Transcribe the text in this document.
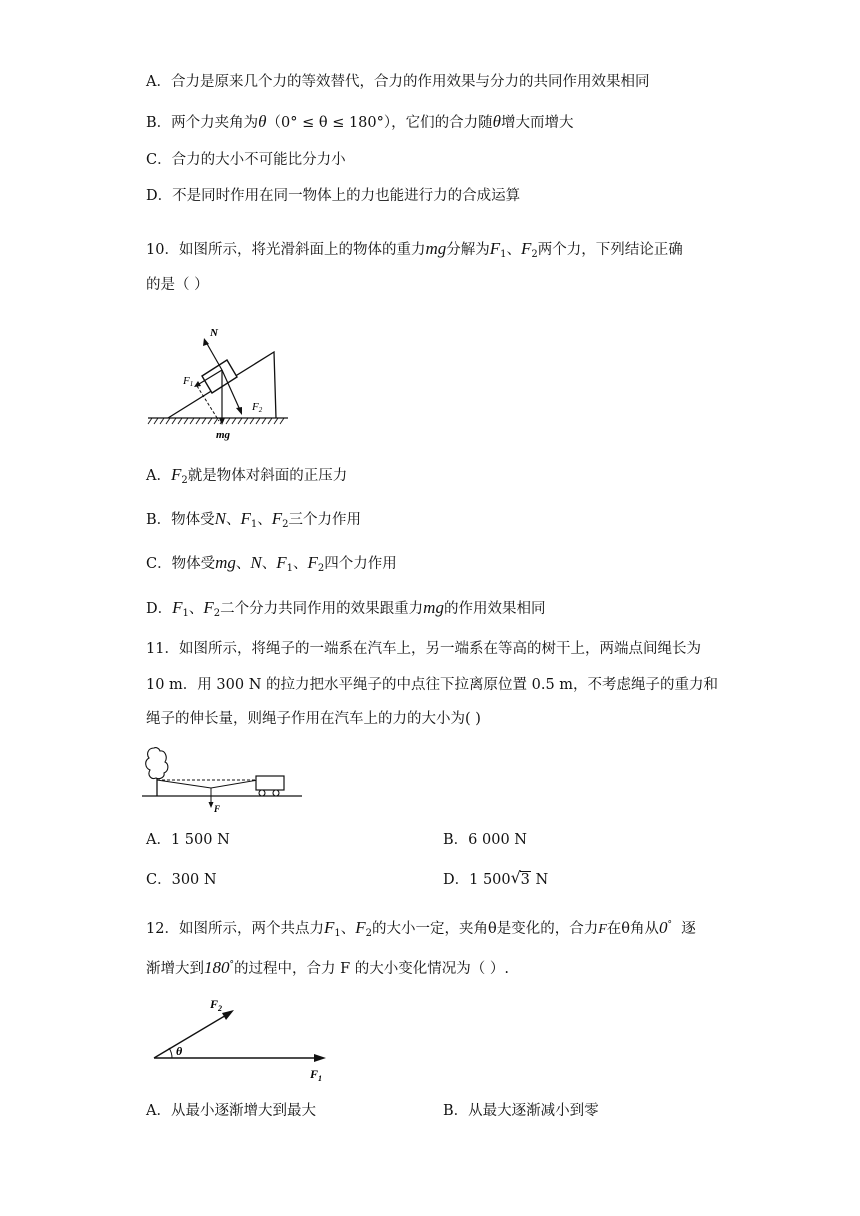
A．合力是原来几个力的等效替代，合力的作用效果与分力的共同作用效果相同
B．两个力夹角为θ（0° ≤ θ ≤ 180°），它们的合力随θ增大而增大
C．合力的大小不可能比分力小
D．不是同时作用在同一物体上的力也能进行力的合成运算
10．如图所示，将光滑斜面上的物体的重力mg分解为$F_1$、$F_2$两个力，下列结论正确
的是（ ）
N
F1
F2
mg
A．$F_2$就是物体对斜面的正压力
B．物体受N、$F_1$、$F_2$三个力作用
C．物体受mg、N、$F_1$、$F_2$四个力作用
D．$F_1$、$F_2$二个分力共同作用的效果跟重力mg的作用效果相同
11．如图所示，将绳子的一端系在汽车上，另一端系在等高的树干上，两端点间绳长为
10 m．用 300 N 的拉力把水平绳子的中点往下拉离原位置 0.5 m，不考虑绳子的重力和
绳子的伸长量，则绳子作用在汽车上的力的大小为( )
F
A．1 500 N	B．6 000 N
C．300 N	D．1 500 √ 3 N
12．如图所示，两个共点力$F_1$、$F_2$的大小一定，夹角θ是变化的，合力F在θ角从0° 逐
渐增大到180°的过程中，合力 F 的大小变化情况为（ ）.
θ
$F_2$
$F_1$
A．从最小逐渐增大到最大	B．从最大逐渐减小到零
